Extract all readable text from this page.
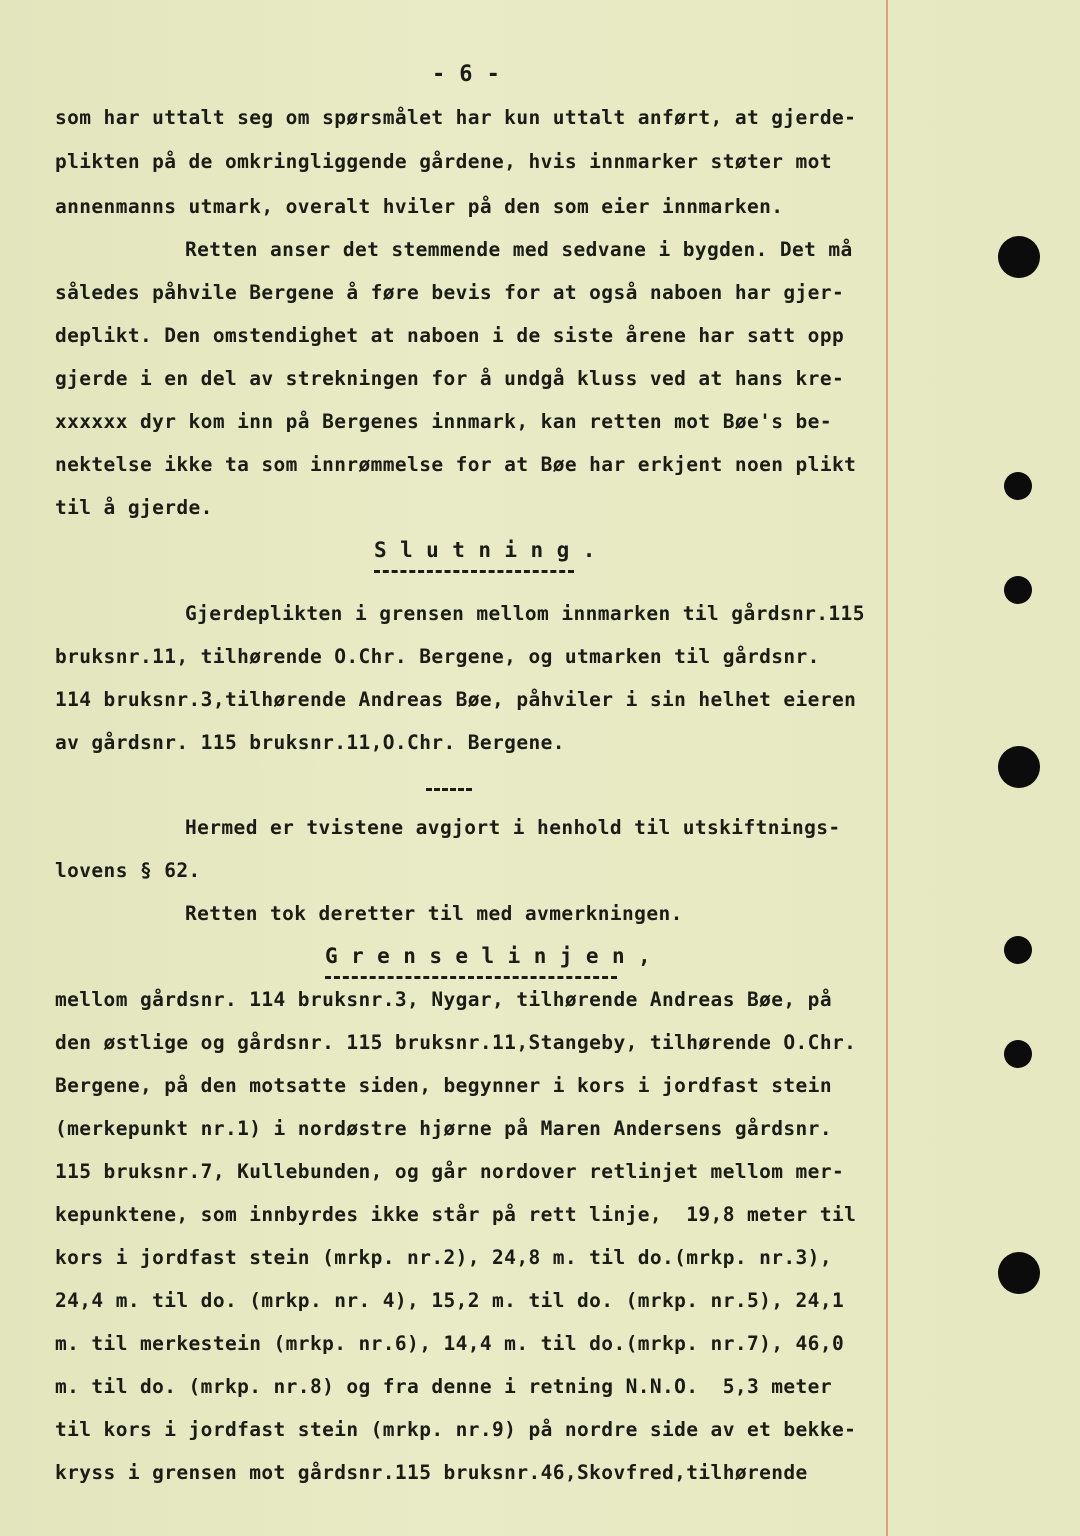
- 6 -
som har uttalt seg om spørsmålet har kun uttalt anført, at gjerde-
plikten på de omkringliggende gårdene, hvis innmarker støter mot
annenmanns utmark, overalt hviler på den som eier innmarken.
Retten anser det stemmende med sedvane i bygden. Det må
således påhvile Bergene å føre bevis for at også naboen har gjer-
deplikt. Den omstendighet at naboen i de siste årene har satt opp
gjerde i en del av strekningen for å undgå kluss ved at hans kre-
xxxxxx dyr kom inn på Bergenes innmark, kan retten mot Bøe's be-
nektelse ikke ta som innrømmelse for at Bøe har erkjent noen plikt
til å gjerde.
S l u t n i n g .
Gjerdeplikten i grensen mellom innmarken til gårdsnr.115
bruksnr.11, tilhørende O.Chr. Bergene, og utmarken til gårdsnr.
114 bruksnr.3,tilhørende Andreas Bøe, påhviler i sin helhet eieren
av gårdsnr. 115 bruksnr.11,O.Chr. Bergene.
Hermed er tvistene avgjort i henhold til utskiftnings-
lovens § 62.
Retten tok deretter til med avmerkningen.
G r e n s e l i n j e n ,
mellom gårdsnr. 114 bruksnr.3, Nygar, tilhørende Andreas Bøe, på
den østlige og gårdsnr. 115 bruksnr.11,Stangeby, tilhørende O.Chr.
Bergene, på den motsatte siden, begynner i kors i jordfast stein
(merkepunkt nr.1) i nordøstre hjørne på Maren Andersens gårdsnr.
115 bruksnr.7, Kullebunden, og går nordover retlinjet mellom mer-
kepunktene, som innbyrdes ikke står på rett linje,  19,8 meter til
kors i jordfast stein (mrkp. nr.2), 24,8 m. til do.(mrkp. nr.3),
24,4 m. til do. (mrkp. nr. 4), 15,2 m. til do. (mrkp. nr.5), 24,1
m. til merkestein (mrkp. nr.6), 14,4 m. til do.(mrkp. nr.7), 46,0
m. til do. (mrkp. nr.8) og fra denne i retning N.N.O.  5,3 meter
til kors i jordfast stein (mrkp. nr.9) på nordre side av et bekke-
kryss i grensen mot gårdsnr.115 bruksnr.46,Skovfred,tilhørende
